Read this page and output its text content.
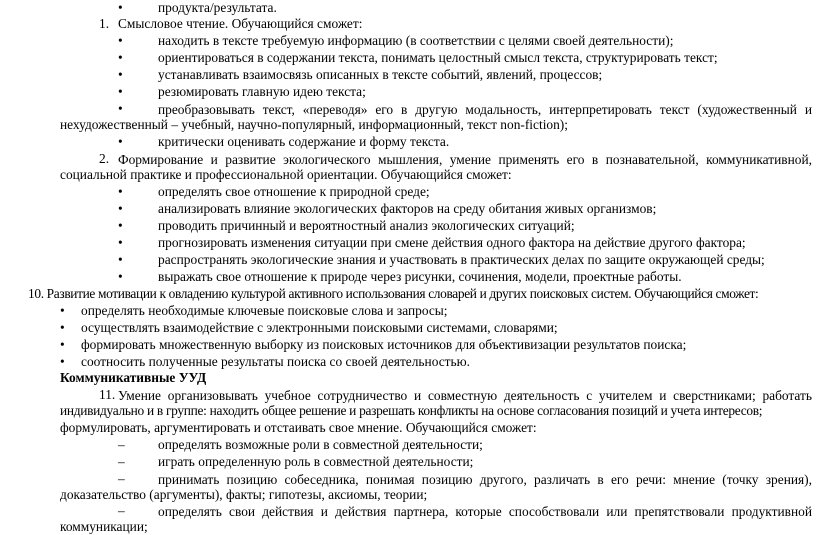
•	продукта/результата.
1. Смысловое чтение. Обучающийся сможет:
•	находить в тексте требуемую информацию (в соответствии с целями своей деятельности);
•	ориентироваться в содержании текста, понимать целостный смысл текста, структурировать текст;
•	устанавливать взаимосвязь описанных в тексте событий, явлений, процессов;
•	резюмировать главную идею текста;
•	преобразовывать текст, «переводя» его в другую модальность, интерпретировать текст (художественный и
нехудожественный – учебный, научно-популярный, информационный, текст non-fiction);
•	критически оценивать содержание и форму текста.
2. Формирование и развитие экологического мышления, умение применять его в познавательной, коммуникативной,
социальной практике и профессиональной ориентации. Обучающийся сможет:
•	определять свое отношение к природной среде;
•	анализировать влияние экологических факторов на среду обитания живых организмов;
•	проводить причинный и вероятностный анализ экологических ситуаций;
•	прогнозировать изменения ситуации при смене действия одного фактора на действие другого фактора;
•	распространять экологические знания и участвовать в практических делах по защите окружающей среды;
•	выражать свое отношение к природе через рисунки, сочинения, модели, проектные работы.
10. Развитие мотивации к овладению культурой активного использования словарей и других поисковых систем. Обучающийся сможет:
• определять необходимые ключевые поисковые слова и запросы;
• осуществлять взаимодействие с электронными поисковыми системами, словарями;
• формировать множественную выборку из поисковых источников для объективизации результатов поиска;
• соотносить полученные результаты поиска со своей деятельностью.
Коммуникативные УУД
11. Умение организовывать учебное сотрудничество и совместную деятельность с учителем и сверстниками; работать
индивидуально и в группе: находить общее решение и разрешать конфликты на основе согласования позиций и учета интересов;
формулировать, аргументировать и отстаивать свое мнение. Обучающийся сможет:
– определять возможные роли в совместной деятельности;
– играть определенную роль в совместной деятельности;
– принимать позицию собеседника, понимая позицию другого, различать в его речи: мнение (точку зрения),
доказательство (аргументы), факты; гипотезы, аксиомы, теории;
– определять свои действия и действия партнера, которые способствовали или препятствовали продуктивной
коммуникации;
